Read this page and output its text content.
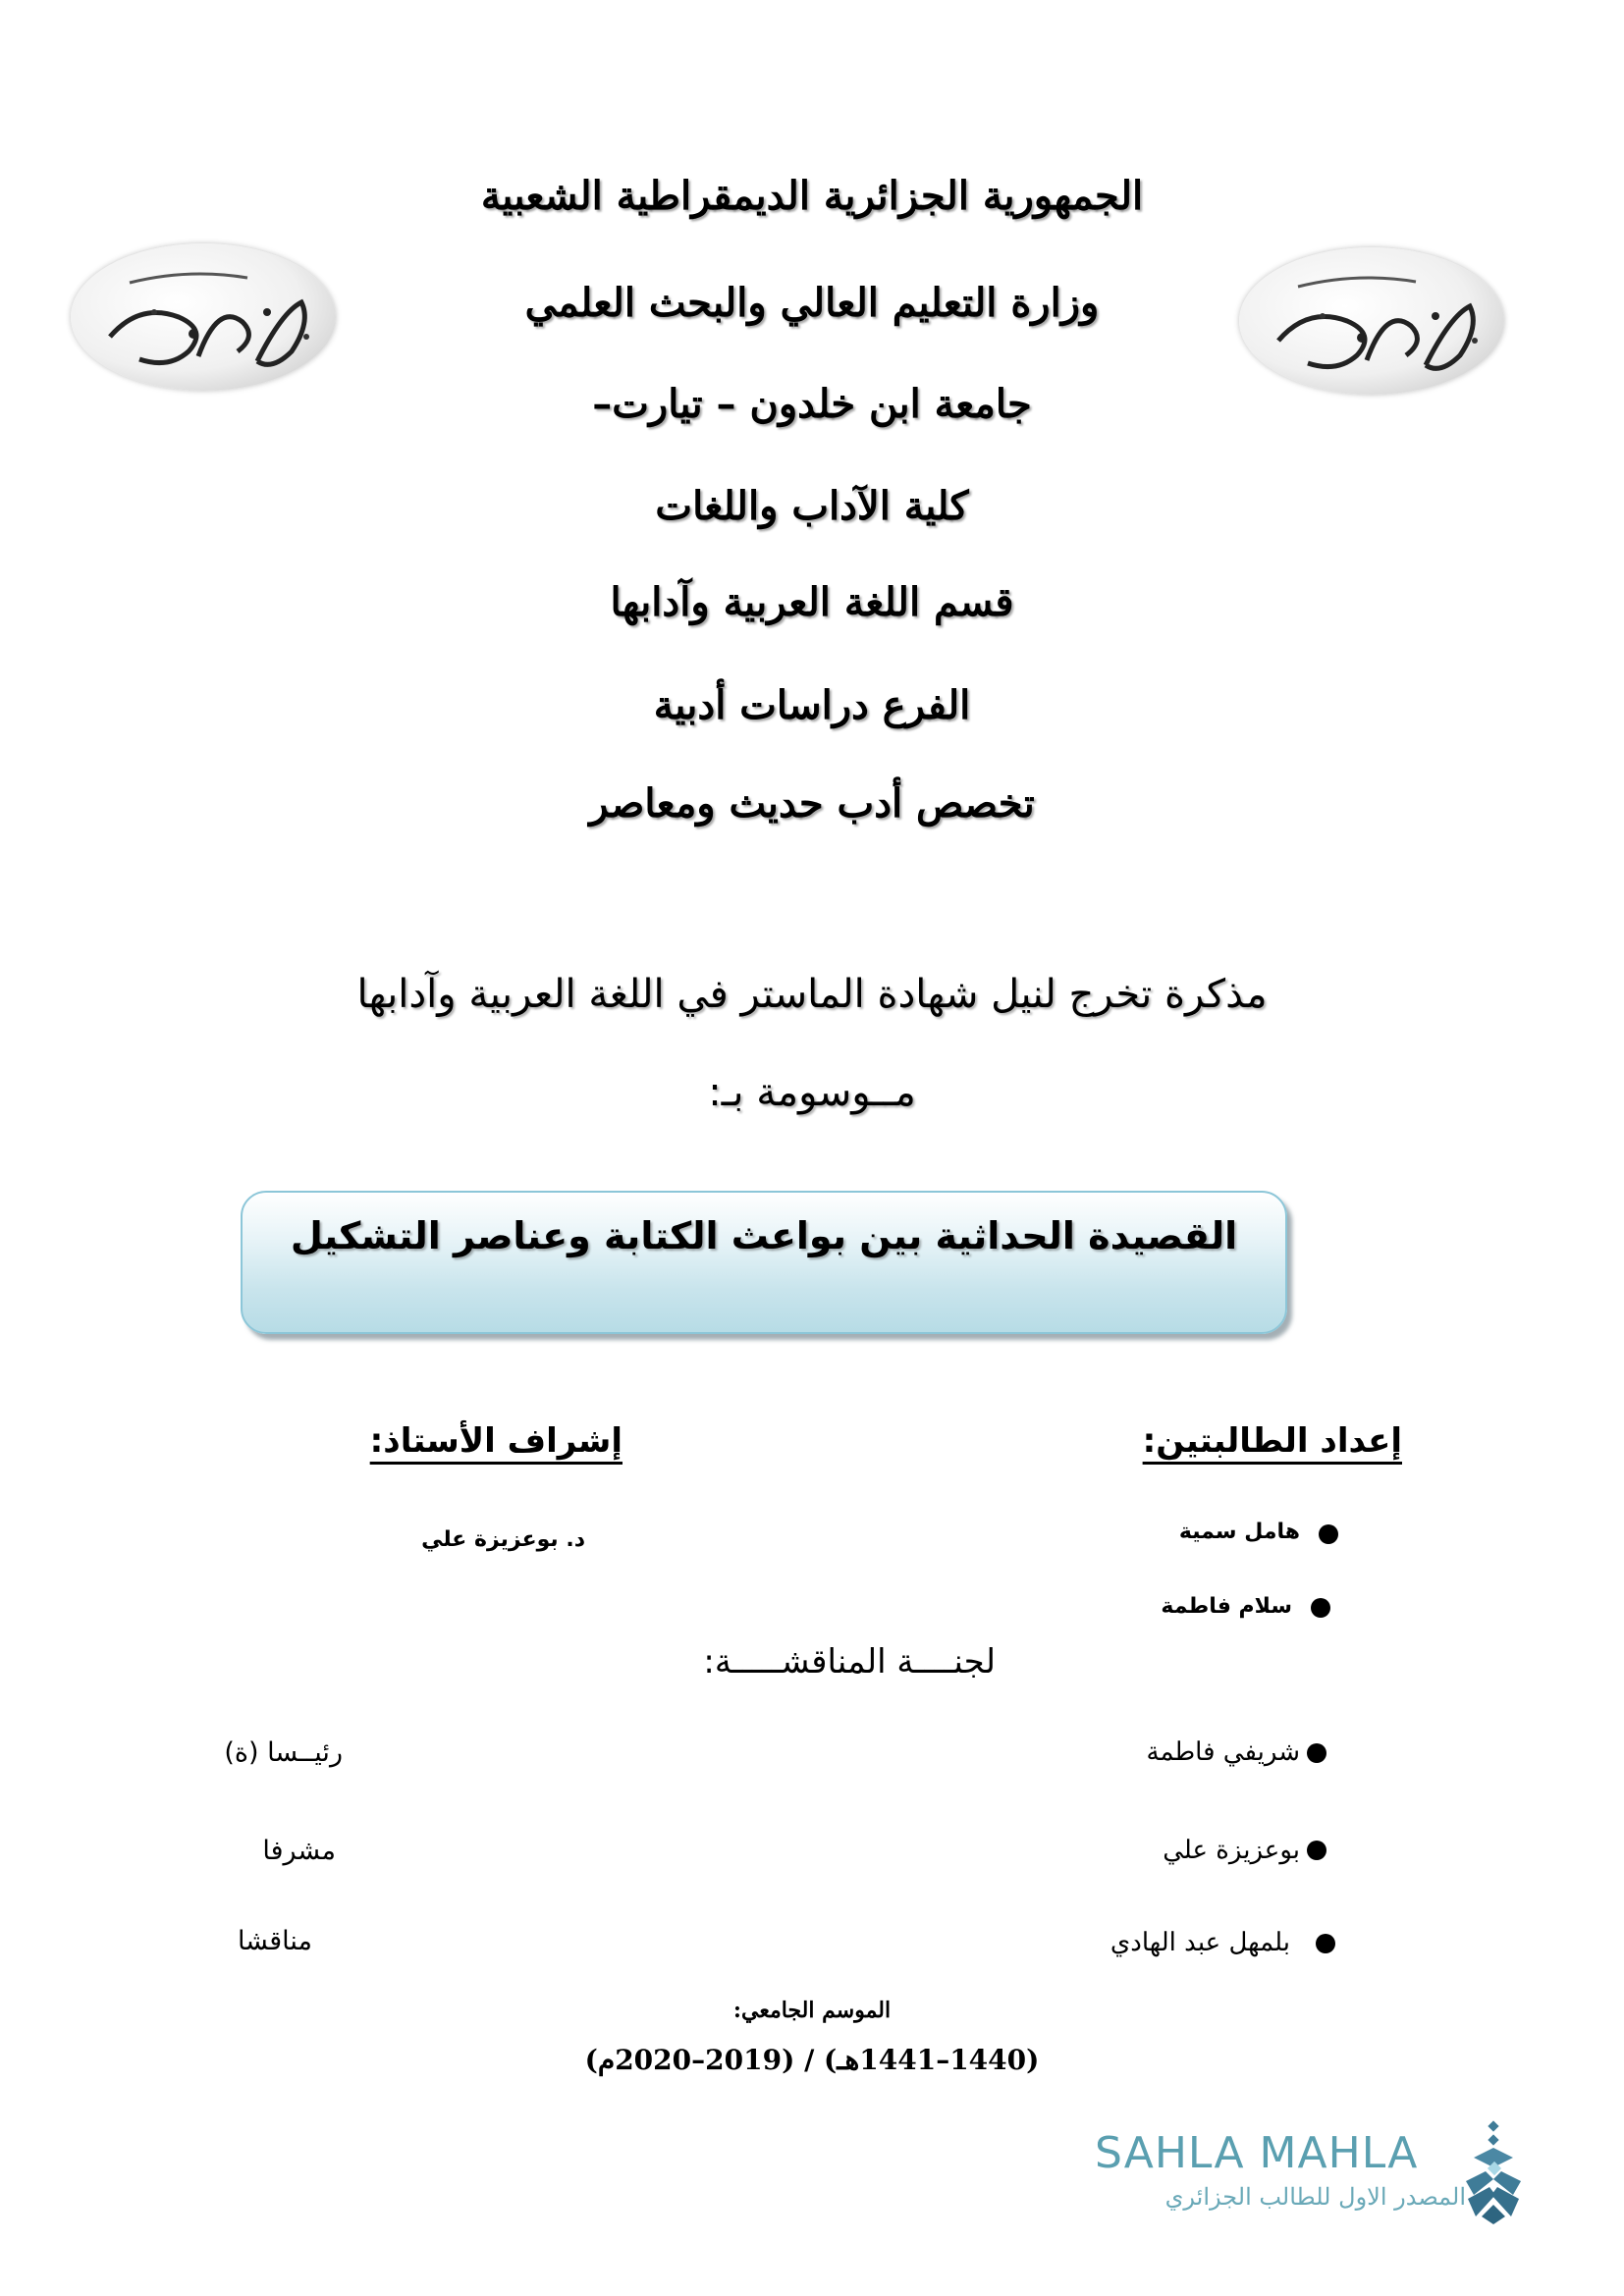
الجمهورية الجزائرية الديمقراطية الشعبية
وزارة التعليم العالي والبحث العلمي
جامعة ابن خلدون – تيارت–
كلية الآداب واللغات
قسم اللغة العربية وآدابها
الفرع دراسات أدبية
تخصص أدب حديث ومعاصر
مذكرة تخرج لنيل شهادة الماستر في اللغة العربية وآدابها
مــوسومة بـ:
القصيدة الحداثية بين بواعث الكتابة وعناصر التشكيل
إعداد الطالبتين:
هامل سمية
سلام فاطمة
إشراف الأستاذ:
د. بوعزيزة علي
لجنــــة المناقشـــــة:
شريفي فاطمة
رئيــسا (ة)
بوعزيزة علي
مشرفا
بلمهل عبد الهادي
مناقشا
الموسم الجامعي:
(1440–1441هـ) / (2019–2020م)
SAHLA MAHLA
المصدر الاول للطالب الجزائري
